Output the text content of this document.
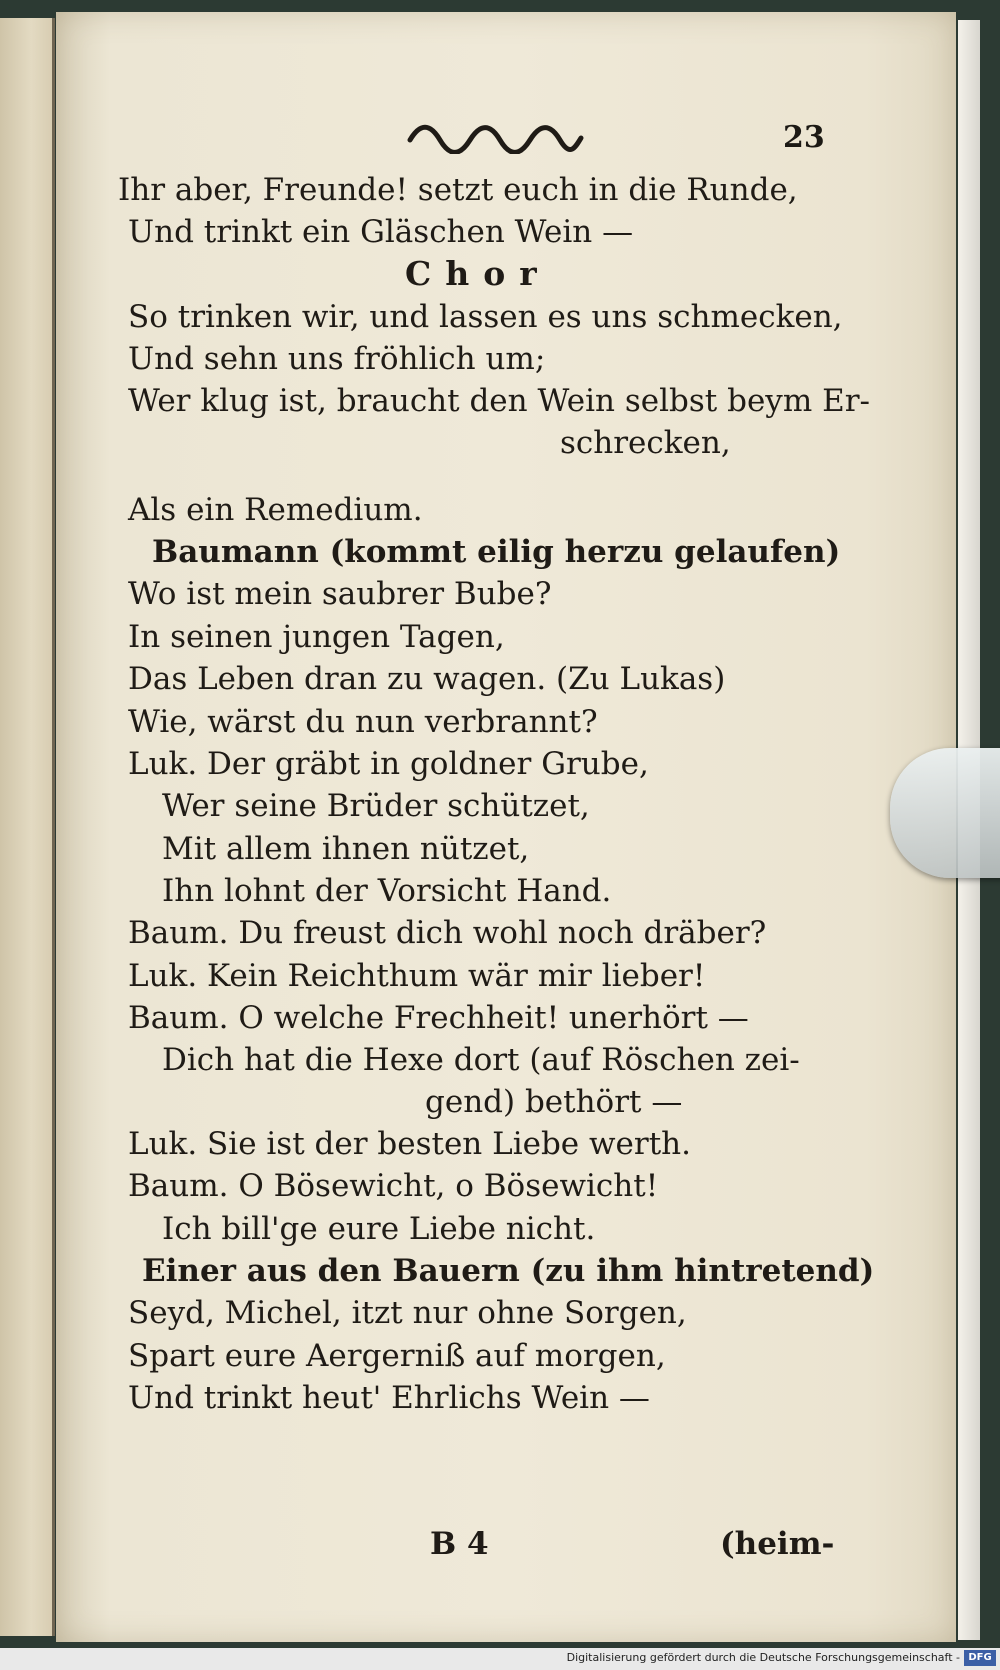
23
Ihr aber, Freunde! setzt euch in die Runde,
Und trinkt ein Gläschen Wein —
Chor
So trinken wir, und lassen es uns schmecken,
Und sehn uns fröhlich um;
Wer klug ist, braucht den Wein selbst beym Er-
schrecken,
Als ein Remedium.
Baumann (kommt eilig herzu gelaufen)
Wo ist mein saubrer Bube?
In seinen jungen Tagen,
Das Leben dran zu wagen. (Zu Lukas)
Wie, wärst du nun verbrannt?
Luk. Der gräbt in goldner Grube,
Wer seine Brüder schützet,
Mit allem ihnen nützet,
Ihn lohnt der Vorsicht Hand.
Baum. Du freust dich wohl noch dräber?
Luk. Kein Reichthum wär mir lieber!
Baum. O welche Frechheit! unerhört —
Dich hat die Hexe dort (auf Röschen zei-
gend) bethört —
Luk. Sie ist der besten Liebe werth.
Baum. O Bösewicht, o Bösewicht!
Ich bill'ge eure Liebe nicht.
Einer aus den Bauern (zu ihm hintretend)
Seyd, Michel, itzt nur ohne Sorgen,
Spart eure Aergerniß auf morgen,
Und trinkt heut' Ehrlichs Wein —
B 4	(heim-
Digitalisierung gefördert durch die Deutsche Forschungsgemeinschaft - DFG
